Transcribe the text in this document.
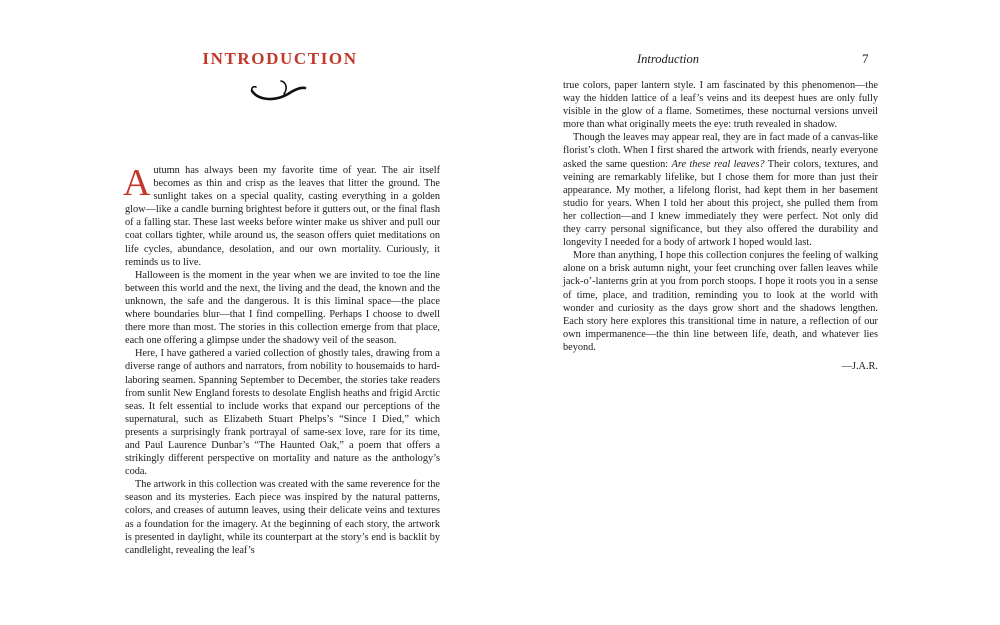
INTRODUCTION

Autumn has always been my favorite time of year. The air itself becomes as thin and crisp as the leaves that litter the ground. The sunlight takes on a special quality, casting everything in a golden glow—like a candle burning brightest before it gutters out, or the final flash of a falling star. These last weeks before winter make us shiver and pull our coat collars tighter, while around us, the season offers quiet meditations on life cycles, abundance, desolation, and our own mortality. Curiously, it reminds us to live.

Halloween is the moment in the year when we are invited to toe the line between this world and the next, the living and the dead, the known and the unknown, the safe and the dangerous. It is this liminal space—the place where boundaries blur—that I find compelling. Perhaps I choose to dwell there more than most. The stories in this collection emerge from that place, each one offering a glimpse under the shadowy veil of the season.

Here, I have gathered a varied collection of ghostly tales, drawing from a diverse range of authors and narrators, from nobility to housemaids to hard-laboring seamen. Spanning September to December, the stories take readers from sunlit New England forests to desolate English heaths and frigid Arctic seas. It felt essential to include works that expand our perceptions of the supernatural, such as Elizabeth Stuart Phelps’s “Since I Died,” which presents a surprisingly frank portrayal of same-sex love, rare for its time, and Paul Laurence Dunbar’s “The Haunted Oak,” a poem that offers a strikingly different perspective on mortality and nature as the anthology’s coda.

The artwork in this collection was created with the same reverence for the season and its mysteries. Each piece was inspired by the natural patterns, colors, and creases of autumn leaves, using their delicate veins and textures as a foundation for the imagery. At the beginning of each story, the artwork is presented in daylight, while its counterpart at the story’s end is backlit by candlelight, revealing the leaf’s

Introduction	7

true colors, paper lantern style. I am fascinated by this phenomenon—the way the hidden lattice of a leaf’s veins and its deepest hues are only fully visible in the glow of a flame. Sometimes, these nocturnal versions unveil more than what originally meets the eye: truth revealed in shadow.

Though the leaves may appear real, they are in fact made of a canvas-like florist’s cloth. When I first shared the artwork with friends, nearly everyone asked the same question: Are these real leaves? Their colors, textures, and veining are remarkably lifelike, but I chose them for more than just their appearance. My mother, a lifelong florist, had kept them in her basement studio for years. When I told her about this project, she pulled them from her collection—and I knew immediately they were perfect. Not only did they carry personal significance, but they also offered the durability and longevity I needed for a body of artwork I hoped would last.

More than anything, I hope this collection conjures the feeling of walking alone on a brisk autumn night, your feet crunching over fallen leaves while jack-o’-lanterns grin at you from porch stoops. I hope it roots you in a sense of time, place, and tradition, reminding you to look at the world with wonder and curiosity as the days grow short and the shadows lengthen. Each story here explores this transitional time in nature, a reflection of our own impermanence—the thin line between life, death, and whatever lies beyond.

—J.A.R.
